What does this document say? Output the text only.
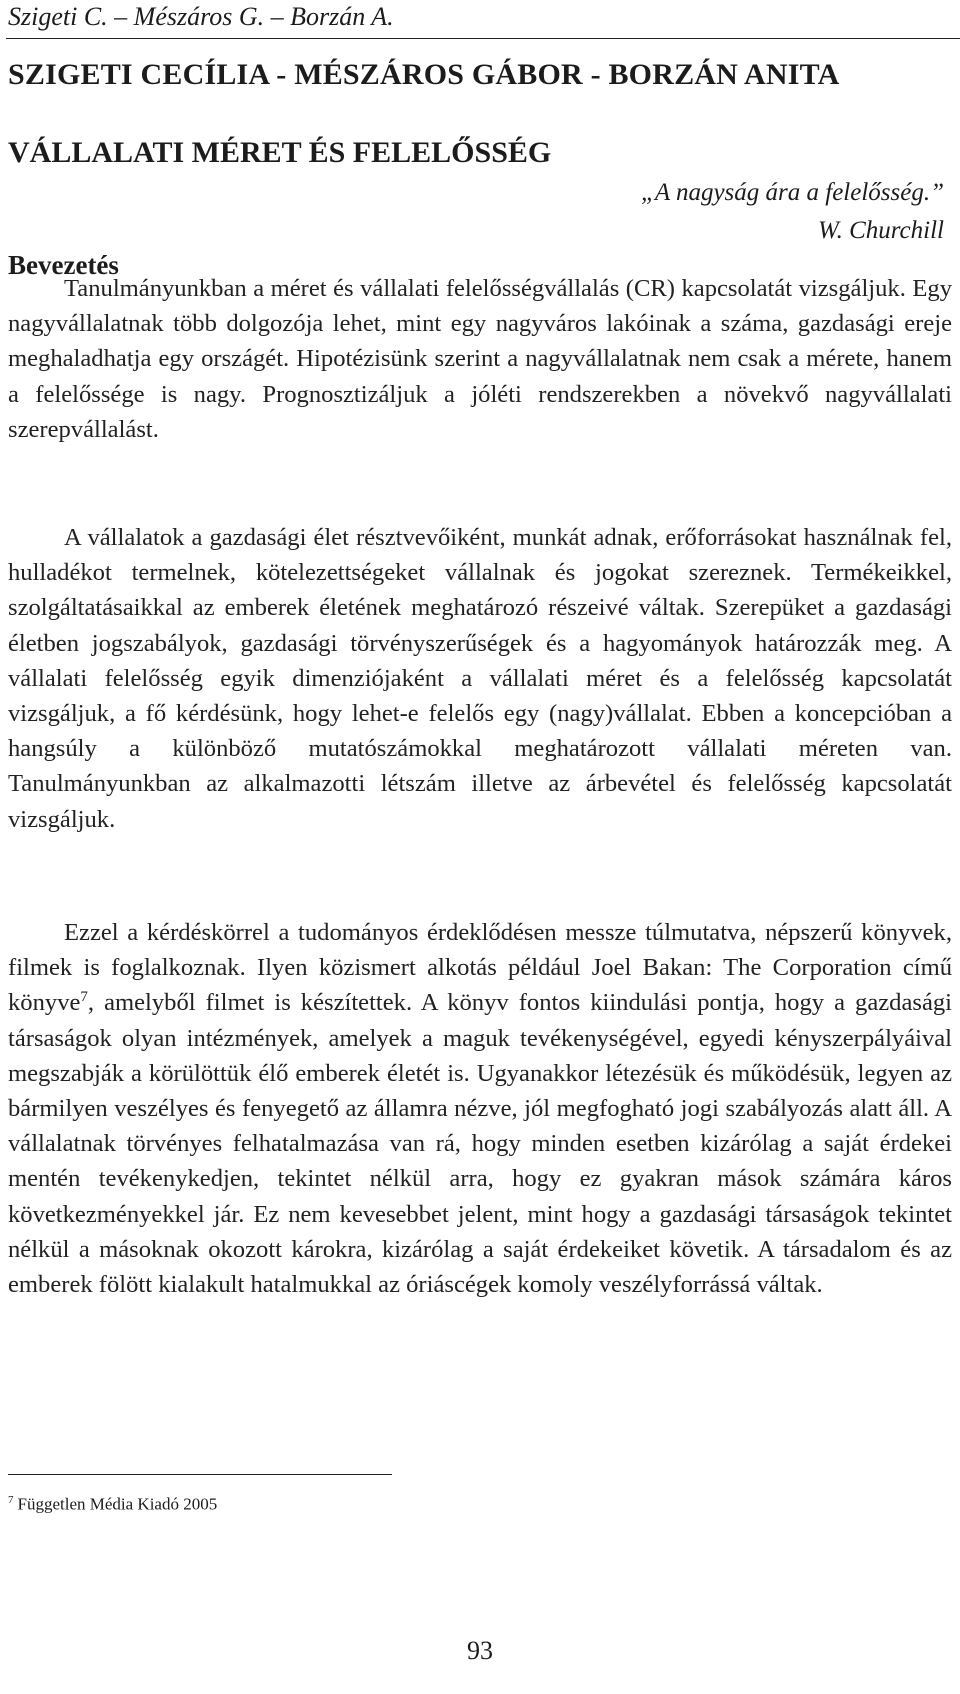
Szigeti C. – Mészáros G. – Borzán A.
SZIGETI CECÍLIA - MÉSZÁROS GÁBOR - BORZÁN ANITA
VÁLLALATI MÉRET ÉS FELELŐSSÉG
„A nagyság ára a felelősség.”
W. Churchill
Bevezetés

Tanulmányunkban a méret és vállalati felelősségvállalás (CR) kapcsolatát vizsgáljuk. Egy nagyvállalatnak több dolgozója lehet, mint egy nagyváros lakóinak a száma, gazdasági ereje meghaladhatja egy országét. Hipotézisünk szerint a nagyvállalatnak nem csak a mérete, hanem a felelőssége is nagy. Prognosztizáljuk a jóléti rendszerekben a növekvő nagyvállalati szerepvállalást.

A vállalatok a gazdasági élet résztvevőiként, munkát adnak, erőforrásokat használnak fel, hulladékot termelnek, kötelezettségeket vállalnak és jogokat szereznek. Termékeikkel, szolgáltatásaikkal az emberek életének meghatározó részeivé váltak. Szerepüket a gazdasági életben jogszabályok, gazdasági törvényszerűségek és a hagyományok határozzák meg. A vállalati felelősség egyik dimenziójaként a vállalati méret és a felelősség kapcsolatát vizsgáljuk, a fő kérdésünk, hogy lehet-e felelős egy (nagy)vállalat. Ebben a koncepcióban a hangsúly a különböző mutatószámokkal meghatározott vállalati méreten van. Tanulmányunkban az alkalmazotti létszám illetve az árbevétel és felelősség kapcsolatát vizsgáljuk.

Ezzel a kérdéskörrel a tudományos érdeklődésen messze túlmutatva, népszerű könyvek, filmek is foglalkoznak. Ilyen közismert alkotás például Joel Bakan: The Corporation című könyve$^7$, amelyből filmet is készítettek. A könyv fontos kiindulási pontja, hogy a gazdasági társaságok olyan intézmények, amelyek a maguk tevékenységével, egyedi kényszerpályáival megszabják a körülöttük élő emberek életét is. Ugyanakkor létezésük és működésük, legyen az bármilyen veszélyes és fenyegető az államra nézve, jól megfogható jogi szabályozás alatt áll. A vállalatnak törvényes felhatalmazása van rá, hogy minden esetben kizárólag a saját érdekei mentén tevékenykedjen, tekintet nélkül arra, hogy ez gyakran mások számára káros következményekkel jár. Ez nem kevesebbet jelent, mint hogy a gazdasági társaságok tekintet nélkül a másoknak okozott károkra, kizárólag a saját érdekeiket követik. A társadalom és az emberek fölött kialakult hatalmukkal az óriáscégek komoly veszélyforrássá váltak.

$^7$ Független Média Kiadó 2005
93
